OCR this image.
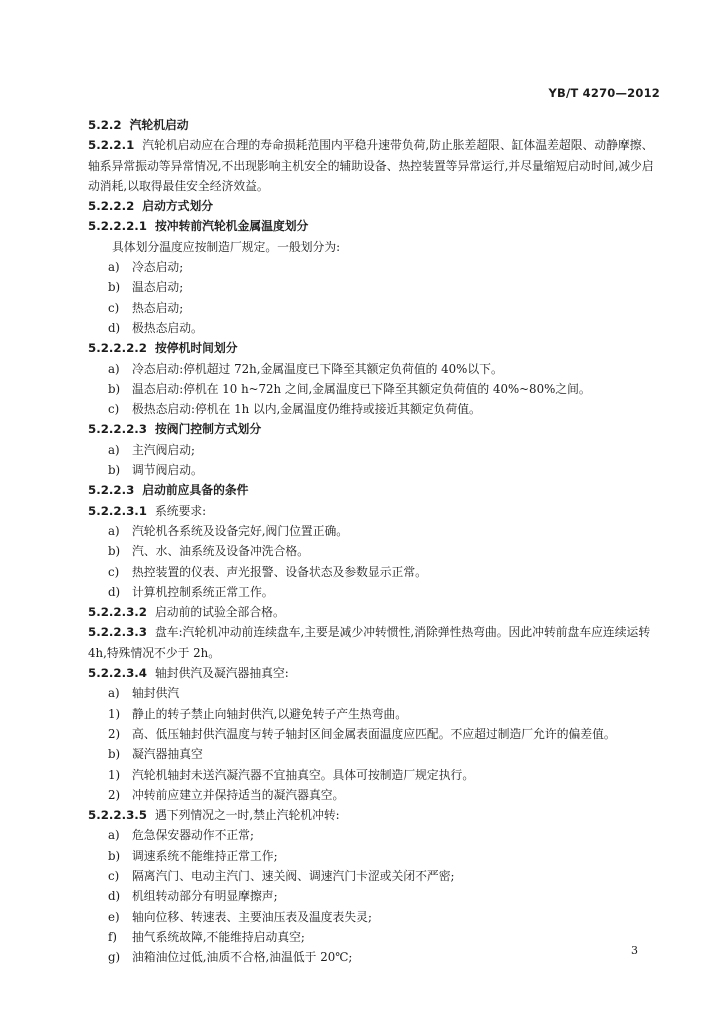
YB/T 4270—2012
5.2.2 汽轮机启动
5.2.2.1 汽轮机启动应在合理的寿命损耗范围内平稳升速带负荷,防止胀差超限、缸体温差超限、动静摩擦、轴系异常振动等异常情况,不出现影响主机安全的辅助设备、热控装置等异常运行,并尽量缩短启动时间,减少启动消耗,以取得最佳安全经济效益。
5.2.2.2 启动方式划分
5.2.2.2.1 按冲转前汽轮机金属温度划分
具体划分温度应按制造厂规定。一般划分为:
a) 冷态启动;
b) 温态启动;
c) 热态启动;
d) 极热态启动。
5.2.2.2.2 按停机时间划分
a) 冷态启动:停机超过 72h,金属温度已下降至其额定负荷值的 40%以下。
b) 温态启动:停机在 10 h~72h 之间,金属温度已下降至其额定负荷值的 40%~80%之间。
c) 极热态启动:停机在 1h 以内,金属温度仍维持或接近其额定负荷值。
5.2.2.2.3 按阀门控制方式划分
a) 主汽阀启动;
b) 调节阀启动。
5.2.2.3 启动前应具备的条件
5.2.2.3.1 系统要求:
a) 汽轮机各系统及设备完好,阀门位置正确。
b) 汽、水、油系统及设备冲洗合格。
c) 热控装置的仪表、声光报警、设备状态及参数显示正常。
d) 计算机控制系统正常工作。
5.2.2.3.2 启动前的试验全部合格。
5.2.2.3.3 盘车:汽轮机冲动前连续盘车,主要是减少冲转惯性,消除弹性热弯曲。因此冲转前盘车应连续运转 4h,特殊情况不少于 2h。
5.2.2.3.4 轴封供汽及凝汽器抽真空:
a) 轴封供汽
1) 静止的转子禁止向轴封供汽,以避免转子产生热弯曲。
2) 高、低压轴封供汽温度与转子轴封区间金属表面温度应匹配。不应超过制造厂允许的偏差值。
b) 凝汽器抽真空
1) 汽轮机轴封未送汽凝汽器不宜抽真空。具体可按制造厂规定执行。
2) 冲转前应建立并保持适当的凝汽器真空。
5.2.2.3.5 遇下列情况之一时,禁止汽轮机冲转:
a) 危急保安器动作不正常;
b) 调速系统不能维持正常工作;
c) 隔离汽门、电动主汽门、速关阀、调速汽门卡涩或关闭不严密;
d) 机组转动部分有明显摩擦声;
e) 轴向位移、转速表、主要油压表及温度表失灵;
f) 抽气系统故障,不能维持启动真空;
g) 油箱油位过低,油质不合格,油温低于 20℃;	3
